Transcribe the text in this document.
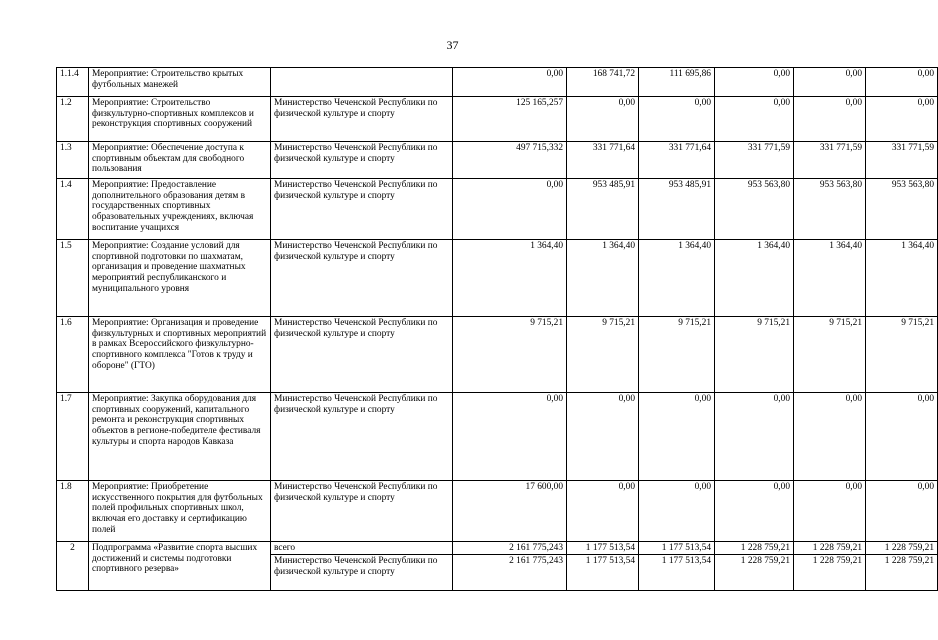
37
1.1.4	Мероприятие: Строительство крытых футбольных манежей		0,00	168 741,72	111 695,86	0,00	0,00	0,00
1.2	Мероприятие: Строительство физкультурно-спортивных комплексов и реконструкция спортивных сооружений	Министерство Чеченской Республики по физической культуре и спорту	125 165,257	0,00	0,00	0,00	0,00	0,00
1.3	Мероприятие: Обеспечение доступа к спортивным объектам для свободного пользования	Министерство Чеченской Республики по физической культуре и спорту	497 715,332	331 771,64	331 771,64	331 771,59	331 771,59	331 771,59
1.4	Мероприятие: Предоставление дополнительного образования детям в государственных спортивных образовательных учреждениях, включая воспитание учащихся	Министерство Чеченской Республики по физической культуре и спорту	0,00	953 485,91	953 485,91	953 563,80	953 563,80	953 563,80
1.5	Мероприятие: Создание условий для спортивной подготовки по шахматам, организация и проведение шахматных мероприятий республиканского и муниципального уровня	Министерство Чеченской Республики по физической культуре и спорту	1 364,40	1 364,40	1 364,40	1 364,40	1 364,40	1 364,40
1.6	Мероприятие: Организация и проведение физкультурных и спортивных мероприятий в рамках Всероссийского физкультурно-спортивного комплекса "Готов к труду и обороне" (ГТО)	Министерство Чеченской Республики по физической культуре и спорту	9 715,21	9 715,21	9 715,21	9 715,21	9 715,21	9 715,21
1.7	Мероприятие: Закупка оборудования для спортивных сооружений, капитального ремонта и реконструкция спортивных объектов в регионе-победителе фестиваля культуры и спорта народов Кавказа	Министерство Чеченской Республики по физической культуре и спорту	0,00	0,00	0,00	0,00	0,00	0,00
1.8	Мероприятие: Приобретение искусственного покрытия для футбольных полей профильных спортивных школ, включая его доставку и сертификацию полей	Министерство Чеченской Республики по физической культуре и спорту	17 600,00	0,00	0,00	0,00	0,00	0,00
2	Подпрограмма «Развитие спорта высших достижений и системы подготовки спортивного резерва»	всего	2 161 775,243	1 177 513,54	1 177 513,54	1 228 759,21	1 228 759,21	1 228 759,21
		Министерство Чеченской Республики по физической культуре и спорту	2 161 775,243	1 177 513,54	1 177 513,54	1 228 759,21	1 228 759,21	1 228 759,21
